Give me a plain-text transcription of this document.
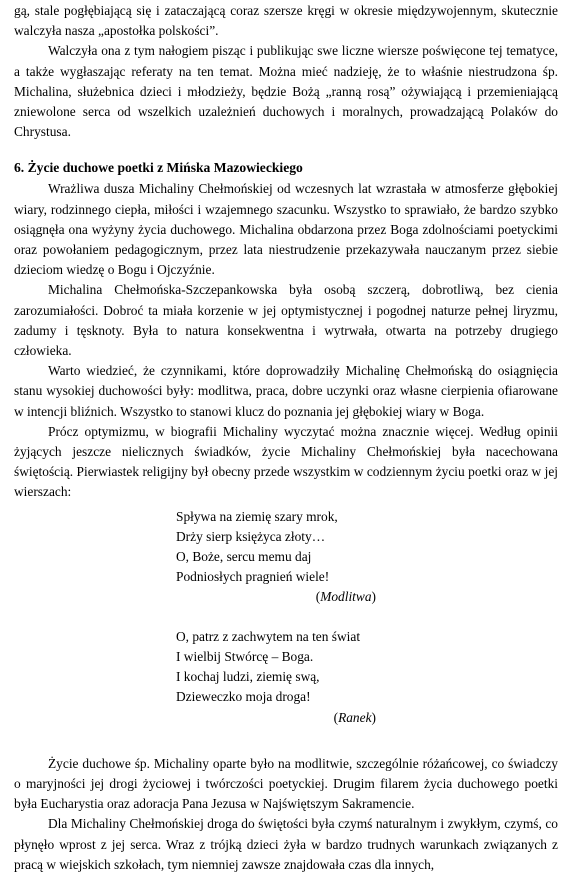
gą, stale pogłębiającą się i zataczającą coraz szersze kręgi w okresie międzywojennym, skutecznie walczyła nasza „apostołka polskości”.

Walczyła ona z tym nałogiem pisząc i publikując swe liczne wiersze poświęcone tej tematyce, a także wygłaszając referaty na ten temat. Można mieć nadzieję, że to właśnie niestrudzona śp. Michalina, służebnica dzieci i młodzieży, będzie Bożą „ranną rosą” ożywiającą i przemieniającą zniewolone serca od wszelkich uzależnień duchowych i moralnych, prowadzającą Polaków do Chrystusa.

6. Życie duchowe poetki z Mińska Mazowieckiego

Wrażliwa dusza Michaliny Chełmońskiej od wczesnych lat wzrastała w atmosferze głębokiej wiary, rodzinnego ciepła, miłości i wzajemnego szacunku. Wszystko to sprawiało, że bardzo szybko osiągnęła ona wyżyny życia duchowego. Michalina obdarzona przez Boga zdolnościami poetyckimi oraz powołaniem pedagogicznym, przez lata niestrudzenie przekazywała nauczanym przez siebie dzieciom wiedzę o Bogu i Ojczyźnie.

Michalina Chełmońska-Szczepankowska była osobą szczerą, dobrotliwą, bez cienia zarozumiałości. Dobroć ta miała korzenie w jej optymistycznej i pogodnej naturze pełnej liryzmu, zadumy i tęsknoty. Była to natura konsekwentna i wytrwała, otwarta na potrzeby drugiego człowieka.

Warto wiedzieć, że czynnikami, które doprowadziły Michalinę Chełmońską do osiągnięcia stanu wysokiej duchowości były: modlitwa, praca, dobre uczynki oraz własne cierpienia ofiarowane w intencji bliźnich. Wszystko to stanowi klucz do poznania jej głębokiej wiary w Boga.

Prócz optymizmu, w biografii Michaliny wyczytać można znacznie więcej. Według opinii żyjących jeszcze nielicznych świadków, życie Michaliny Chełmońskiej była nacechowana świętością. Pierwiastek religijny był obecny przede wszystkim w codziennym życiu poetki oraz w jej wierszach:

Spływa na ziemię szary mrok,
Drży sierp księżyca złoty…
O, Boże, sercu memu daj
Podniosłych pragnień wiele!
(Modlitwa)
O, patrz z zachwytem na ten świat
I wielbij Stwórcę – Boga.
I kochaj ludzi, ziemię swą,
Dzieweczko moja droga!
(Ranek)

Życie duchowe śp. Michaliny oparte było na modlitwie, szczególnie różańcowej, co świadczy o maryjności jej drogi życiowej i twórczości poetyckiej. Drugim filarem życia duchowego poetki była Eucharystia oraz adoracja Pana Jezusa w Najświętszym Sakramencie.

Dla Michaliny Chełmońskiej droga do świętości była czymś naturalnym i zwykłym, czymś, co płynęło wprost z jej serca. Wraz z trójką dzieci żyła w bardzo trudnych warunkach związanych z pracą w wiejskich szkołach, tym niemniej zawsze znajdowała czas dla innych,
